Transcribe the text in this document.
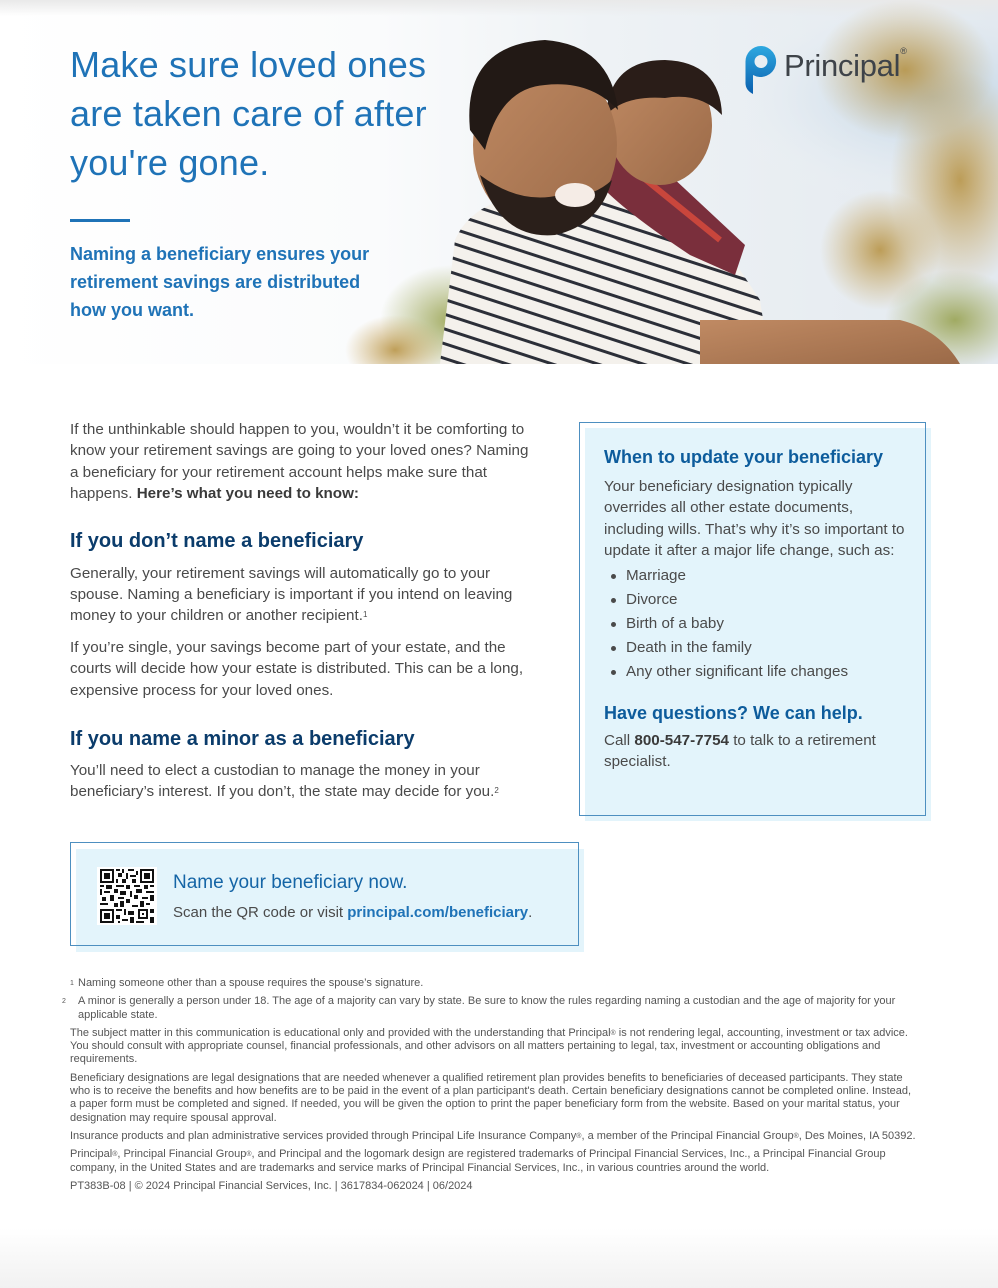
Make sure loved ones are taken care of after you're gone.
Naming a beneficiary ensures your retirement savings are distributed how you want.
Principal®

If the unthinkable should happen to you, wouldn’t it be comforting to know your retirement savings are going to your loved ones? Naming a beneficiary for your retirement account helps make sure that happens. Here’s what you need to know:

If you don’t name a beneficiary

Generally, your retirement savings will automatically go to your spouse. Naming a beneficiary is important if you intend on leaving money to your children or another recipient.$^1$

If you’re single, your savings become part of your estate, and the courts will decide how your estate is distributed. This can be a long, expensive process for your loved ones.

If you name a minor as a beneficiary

You’ll need to elect a custodian to manage the money in your beneficiary’s interest. If you don’t, the state may decide for you.$^2$

When to update your beneficiary

Your beneficiary designation typically overrides all other estate documents, including wills. That’s why it’s so important to update it after a major life change, such as:

Marriage
Divorce
Birth of a baby
Death in the family
Any other significant life changes
Have questions? We can help.

Call 800-547-7754 to talk to a retirement specialist.

Name your beneficiary now.
Scan the QR code or visit principal.com/beneficiary.

1 Naming someone other than a spouse requires the spouse’s signature.

2 A minor is generally a person under 18. The age of a majority can vary by state. Be sure to know the rules regarding naming a custodian and the age of majority for your applicable state.

The subject matter in this communication is educational only and provided with the understanding that Principal® is not rendering legal, accounting, investment or tax advice. You should consult with appropriate counsel, financial professionals, and other advisors on all matters pertaining to legal, tax, investment or accounting obligations and requirements.

Beneficiary designations are legal designations that are needed whenever a qualified retirement plan provides benefits to beneficiaries of deceased participants. They state who is to receive the benefits and how benefits are to be paid in the event of a plan participant's death. Certain beneficiary designations cannot be completed online. Instead, a paper form must be completed and signed. If needed, you will be given the option to print the paper beneficiary form from the website. Based on your marital status, your designation may require spousal approval.

Insurance products and plan administrative services provided through Principal Life Insurance Company®, a member of the Principal Financial Group®, Des Moines, IA 50392.

Principal®, Principal Financial Group®, and Principal and the logomark design are registered trademarks of Principal Financial Services, Inc., a Principal Financial Group company, in the United States and are trademarks and service marks of Principal Financial Services, Inc., in various countries around the world.

PT383B-08 | © 2024 Principal Financial Services, Inc. | 3617834-062024 | 06/2024
